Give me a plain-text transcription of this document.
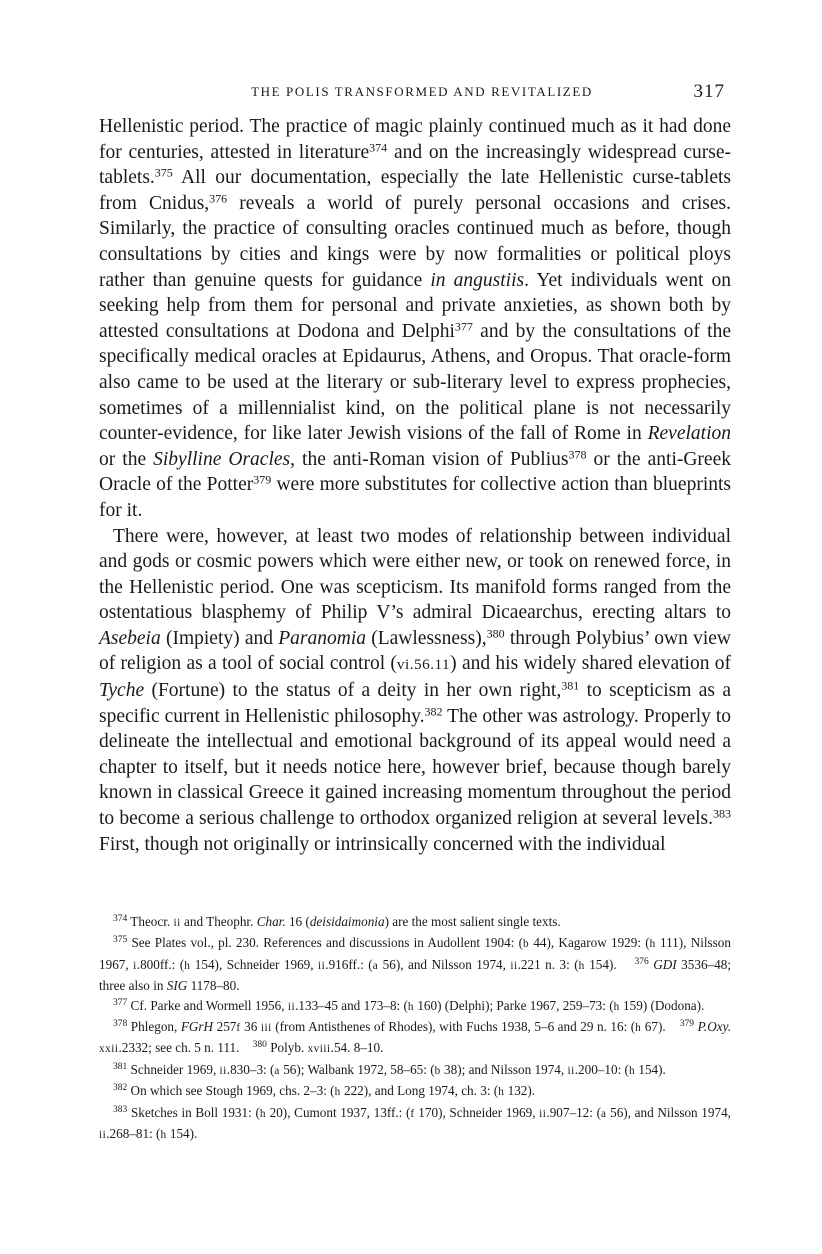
THE POLIS TRANSFORMED AND REVITALIZED	317

Hellenistic period. The practice of magic plainly continued much as it had done for centuries, attested in literature$^{374}$ and on the increasingly widespread curse-tablets.$^{375}$ All our documentation, especially the late Hellenistic curse-tablets from Cnidus,$^{376}$ reveals a world of purely personal occasions and crises. Similarly, the practice of consulting oracles continued much as before, though consultations by cities and kings were by now formalities or political ploys rather than genuine quests for guidance in angustiis. Yet individuals went on seeking help from them for personal and private anxieties, as shown both by attested consultations at Dodona and Delphi$^{377}$ and by the consultations of the specifically medical oracles at Epidaurus, Athens, and Oropus. That oracle-form also came to be used at the literary or sub-literary level to express prophecies, sometimes of a millennialist kind, on the political plane is not necessarily counter-evidence, for like later Jewish visions of the fall of Rome in Revelation or the Sibylline Oracles, the anti-Roman vision of Publius$^{378}$ or the anti-Greek Oracle of the Potter$^{379}$ were more substitutes for collective action than blueprints for it.

There were, however, at least two modes of relationship between individual and gods or cosmic powers which were either new, or took on renewed force, in the Hellenistic period. One was scepticism. Its manifold forms ranged from the ostentatious blasphemy of Philip V’s admiral Dicaearchus, erecting altars to Asebeia (Impiety) and Paranomia (Lawlessness),$^{380}$ through Polybius’ own view of religion as a tool of social control (vi.56.11) and his widely shared elevation of Tyche (Fortune) to the status of a deity in her own right,$^{381}$ to scepticism as a specific current in Hellenistic philosophy.$^{382}$ The other was astrology. Properly to delineate the intellectual and emotional background of its appeal would need a chapter to itself, but it needs notice here, however brief, because though barely known in classical Greece it gained increasing momentum throughout the period to become a serious challenge to orthodox organized religion at several levels.$^{383}$ First, though not originally or intrinsically concerned with the individual

$^{374}$ Theocr. ii and Theophr. Char. 16 (deisidaimonia) are the most salient single texts.

$^{375}$ See Plates vol., pl. 230. References and discussions in Audollent 1904: (b 44), Kagarow 1929: (h 111), Nilsson 1967, i.800ff.: (h 154), Schneider 1969, ii.916ff.: (a 56), and Nilsson 1974, ii.221 n. 3: (h 154). $^{376}$ GDI 3536–48; three also in SIG 1178–80.

$^{377}$ Cf. Parke and Wormell 1956, ii.133–45 and 173–8: (h 160) (Delphi); Parke 1967, 259–73: (h 159) (Dodona).

$^{378}$ Phlegon, FGrH 257f 36 iii (from Antisthenes of Rhodes), with Fuchs 1938, 5–6 and 29 n. 16: (h 67). $^{379}$ P.Oxy. xxii.2332; see ch. 5 n. 111. $^{380}$ Polyb. xviii.54. 8–10.

$^{381}$ Schneider 1969, ii.830–3: (a 56); Walbank 1972, 58–65: (b 38); and Nilsson 1974, ii.200–10: (h 154).

$^{382}$ On which see Stough 1969, chs. 2–3: (h 222), and Long 1974, ch. 3: (h 132).

$^{383}$ Sketches in Boll 1931: (h 20), Cumont 1937, 13ff.: (f 170), Schneider 1969, ii.907–12: (a 56), and Nilsson 1974, ii.268–81: (h 154).
